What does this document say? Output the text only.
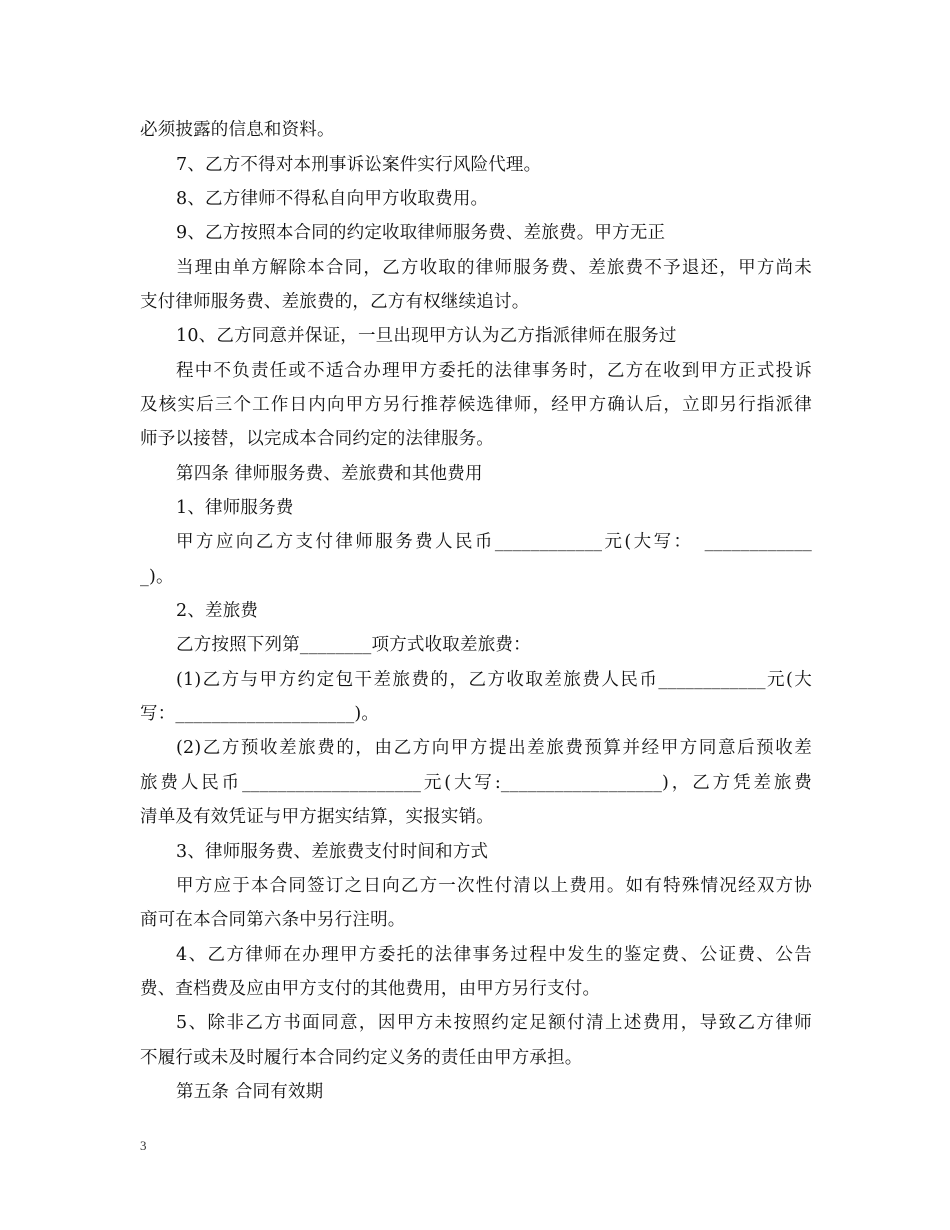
必须披露的信息和资料。
7、乙方不得对本刑事诉讼案件实行风险代理。
8、乙方律师不得私自向甲方收取费用。
9、乙方按照本合同的约定收取律师服务费、差旅费。甲方无正
当理由单方解除本合同，乙方收取的律师服务费、差旅费不予退还，甲方尚未
支付律师服务费、差旅费的，乙方有权继续追讨。
10、乙方同意并保证，一旦出现甲方认为乙方指派律师在服务过
程中不负责任或不适合办理甲方委托的法律事务时，乙方在收到甲方正式投诉
及核实后三个工作日内向甲方另行推荐候选律师，经甲方确认后，立即另行指派律
师予以接替，以完成本合同约定的法律服务。
第四条 律师服务费、差旅费和其他费用
1、律师服务费
甲方应向乙方支付律师服务费人民币____________元(大写：　____________
_)。
2、差旅费
乙方按照下列第________项方式收取差旅费：
(1)乙方与甲方约定包干差旅费的，乙方收取差旅费人民币____________元(大
写：____________________)。
(2)乙方预收差旅费的，由乙方向甲方提出差旅费预算并经甲方同意后预收差
旅费人民币____________________元(大写:__________________)，乙方凭差旅费
清单及有效凭证与甲方据实结算，实报实销。
3、律师服务费、差旅费支付时间和方式
甲方应于本合同签订之日向乙方一次性付清以上费用。如有特殊情况经双方协
商可在本合同第六条中另行注明。
4、乙方律师在办理甲方委托的法律事务过程中发生的鉴定费、公证费、公告
费、查档费及应由甲方支付的其他费用，由甲方另行支付。
5、除非乙方书面同意，因甲方未按照约定足额付清上述费用，导致乙方律师
不履行或未及时履行本合同约定义务的责任由甲方承担。
第五条 合同有效期
3
